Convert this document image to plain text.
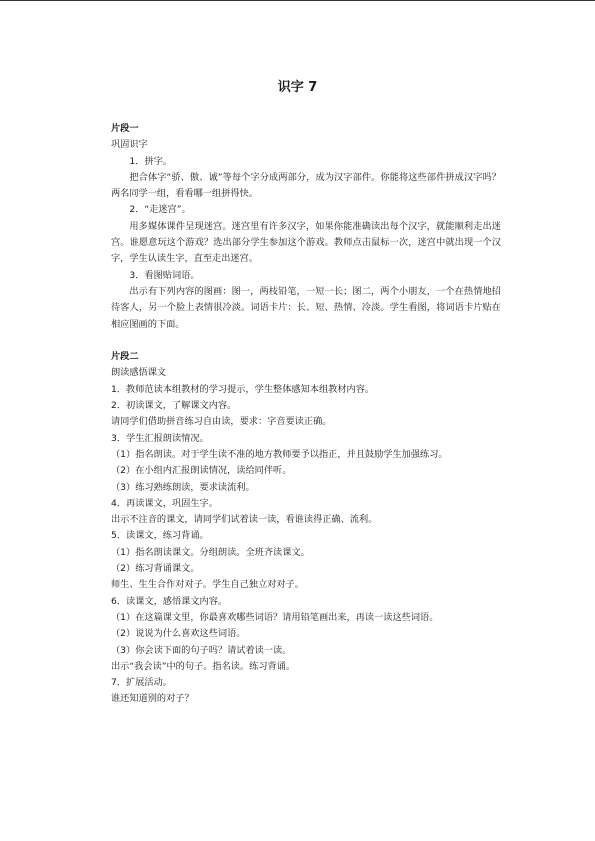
识字 7
片段一
巩固识字
1．拼字。
把合体字“骄、傲、诚”等每个字分成两部分，成为汉字部件。你能将这些部件拼成汉字吗？两名同学一组，看看哪一组拼得快。
2．“走迷宫”。
用多媒体课件呈现迷宫。迷宫里有许多汉字，如果你能准确读出每个汉字，就能顺利走出迷宫。谁愿意玩这个游戏？选出部分学生参加这个游戏。教师点击鼠标一次，迷宫中就出现一个汉字，学生认读生字，直至走出迷宫。
3．看图贴词语。
出示有下列内容的图画：图一，两枝铅笔，一短一长；图二，两个小朋友，一个在热情地招待客人，另一个脸上表情很冷淡。词语卡片：长、短、热情、冷淡。学生看图，将词语卡片贴在相应图画的下面。
片段二
朗读感悟课文
1．教师范读本组教材的学习提示，学生整体感知本组教材内容。
2．初读课文，了解课文内容。
请同学们借助拼音练习自由读，要求：字音要读正确。
3．学生汇报朗读情况。
（1）指名朗读。对于学生读不准的地方教师要予以指正，并且鼓励学生加强练习。
（2）在小组内汇报朗读情况，读给同伴听。
（3）练习熟练朗读，要求读流利。
4．再读课文，巩固生字。
出示不注音的课文，请同学们试着读一读，看谁读得正确、流利。
5．读课文，练习背诵。
（1）指名朗读课文。分组朗读。全班齐读课文。
（2）练习背诵课文。
师生、生生合作对对子。学生自己独立对对子。
6．读课文，感悟课文内容。
（1）在这篇课文里，你最喜欢哪些词语？请用铅笔画出来，再读一读这些词语。
（2）说说为什么喜欢这些词语。
（3）你会读下面的句子吗？请试着读一读。
出示“我会读”中的句子。指名读。练习背诵。
7．扩展活动。
谁还知道别的对子？
